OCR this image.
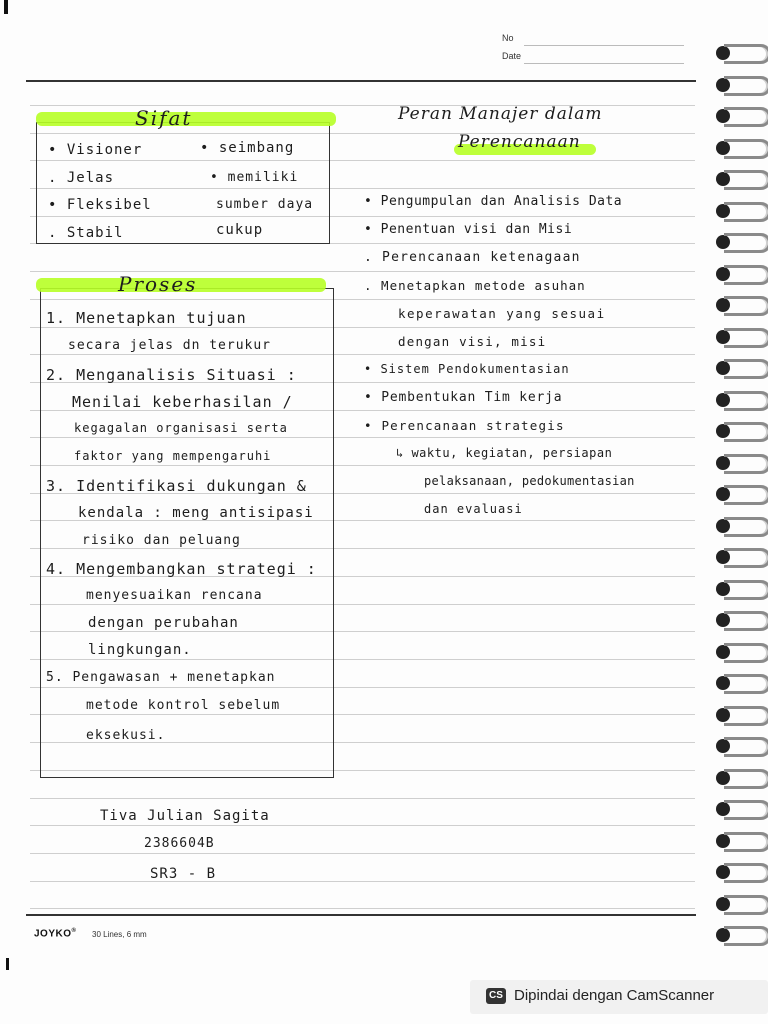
No
Date
Sifat
• Visioner
. Jelas
• Fleksibel
. Stabil
• seimbang
• memiliki
sumber daya
cukup
Proses
1. Menetapkan tujuan
secara jelas dn terukur
2. Menganalisis Situasi :
Menilai keberhasilan /
kegagalan organisasi serta
faktor yang mempengaruhi
3. Identifikasi dukungan &
kendala : meng antisipasi
risiko dan peluang
4. Mengembangkan strategi :
menyesuaikan rencana
dengan perubahan
lingkungan.
5. Pengawasan + menetapkan
metode kontrol sebelum
eksekusi.
Peran Manajer dalam
Perencanaan
• Pengumpulan dan Analisis Data
• Penentuan visi dan Misi
. Perencanaan ketenagaan
. Menetapkan metode asuhan
keperawatan yang sesuai
dengan visi, misi
• Sistem Pendokumentasian
• Pembentukan Tim kerja
• Perencanaan strategis
↳ waktu, kegiatan, persiapan
pelaksanaan, pedokumentasian
dan evaluasi
Tiva Julian Sagita
2386604B
SR3 - B
JOYKO® 30 Lines, 6 mm
CS Dipindai dengan CamScanner
